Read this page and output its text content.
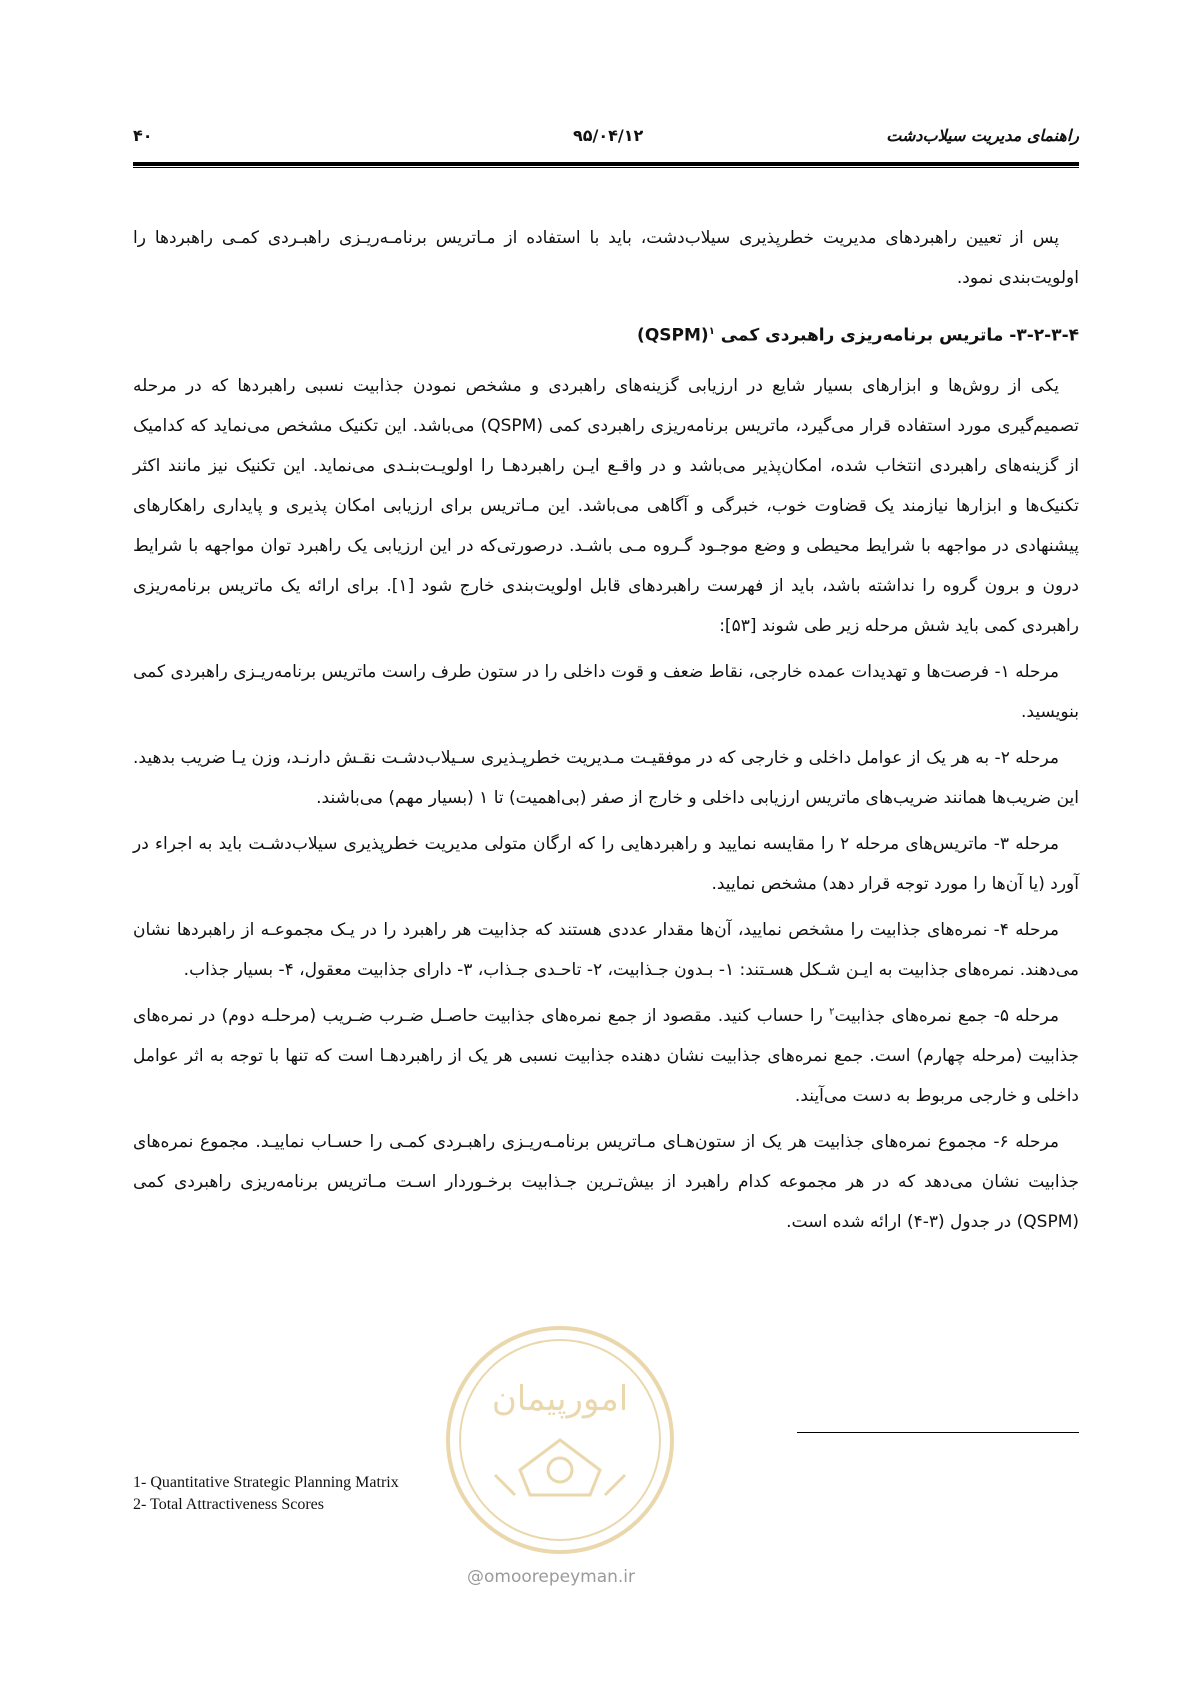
۴۰	۹۵/۰۴/۱۲	راهنمای مدیریت سیلاب‌دشت

پس از تعیین راهبردهای مدیریت خطرپذیری سیلاب‌دشت، باید با استفاده از مـاتریس برنامـه‌ریـزی راهبـردی کمـی راهبردها را اولویت‌بندی نمود.

۳-۲-۳-۴- ماتریس برنامه‌ریزی راهبردی کمی $^۱$(QSPM)

یکی از روش‌ها و ابزارهای بسیار شایع در ارزیابی گزینه‌های راهبردی و مشخص نمودن جذابیت نسبی راهبردها که در مرحله تصمیم‌گیری مورد استفاده قرار می‌گیرد، ماتریس برنامه‌ریزی راهبردی کمی (QSPM) می‌باشد. این تکنیک مشخص می‌نماید که کدامیک از گزینه‌های راهبردی انتخاب شده، امکان‌پذیر می‌باشد و در واقـع ایـن راهبردهـا را اولویـت‌بنـدی می‌نماید. این تکنیک نیز مانند اکثر تکنیک‌ها و ابزارها نیازمند یک قضاوت خوب، خبرگی و آگاهی می‌باشد. این مـاتریس برای ارزیابی امکان پذیری و پایداری راهکارهای پیشنهادی در مواجهه با شرایط محیطی و وضع موجـود گـروه مـی باشـد. درصورتی‌که در این ارزیابی یک راهبرد توان مواجهه با شرایط درون و برون گروه را نداشته باشد، باید از فهرست راهبردهای قابل اولویت‌بندی خارج شود [۱]. برای ارائه یک ماتریس برنامه‌ریزی راهبردی کمی باید شش مرحله زیر طی شوند [۵۳]:

مرحله ۱- فرصت‌ها و تهدیدات عمده خارجی، نقاط ضعف و قوت داخلی را در ستون طرف راست ماتریس برنامه‌ریـزی راهبردی کمی بنویسید.

مرحله ۲- به هر یک از عوامل داخلی و خارجی که در موفقیـت مـدیریت خطرپـذیری سـیلاب‌دشـت نقـش دارنـد، وزن یـا ضریب بدهید. این ضریب‌ها همانند ضریب‌های ماتریس ارزیابی داخلی و خارج از صفر (بی‌اهمیت) تا ۱ (بسیار مهم) می‌باشند.

مرحله ۳- ماتریس‌های مرحله ۲ را مقایسه نمایید و راهبردهایی را که ارگان متولی مدیریت خطرپذیری سیلاب‌دشـت باید به اجراء در آورد (یا آن‌ها را مورد توجه قرار دهد) مشخص نمایید.

مرحله ۴- نمره‌های جذابیت را مشخص نمایید، آن‌ها مقدار عددی هستند که جذابیت هر راهبرد را در یـک مجموعـه از راهبردها نشان می‌دهند. نمره‌های جذابیت به ایـن شـکل هسـتند: ۱- بـدون جـذابیت، ۲- تاحـدی جـذاب، ۳- دارای جذابیت معقول، ۴- بسیار جذاب.

مرحله ۵- جمع نمره‌های جذابیت$^۲$ را حساب کنید. مقصود از جمع نمره‌های جذابیت حاصـل ضـرب ضـریب (مرحلـه دوم) در نمره‌های جذابیت (مرحله چهارم) است. جمع نمره‌های جذابیت نشان دهنده جذابیت نسبی هر یک از راهبردهـا است که تنها با توجه به اثر عوامل داخلی و خارجی مربوط به دست می‌آیند.

مرحله ۶- مجموع نمره‌های جذابیت هر یک از ستون‌هـای مـاتریس برنامـه‌ریـزی راهبـردی کمـی را حسـاب نماییـد. مجموع نمره‌های جذابیت نشان می‌دهد که در هر مجموعه کدام راهبرد از بیش‌تـرین جـذابیت برخـوردار اسـت مـاتریس برنامه‌ریزی راهبردی کمی (QSPM) در جدول (۳-۴) ارائه شده است.

امورپیمان
@omoorepeyman.ir
1- Quantitative Strategic Planning Matrix
2- Total Attractiveness Scores
